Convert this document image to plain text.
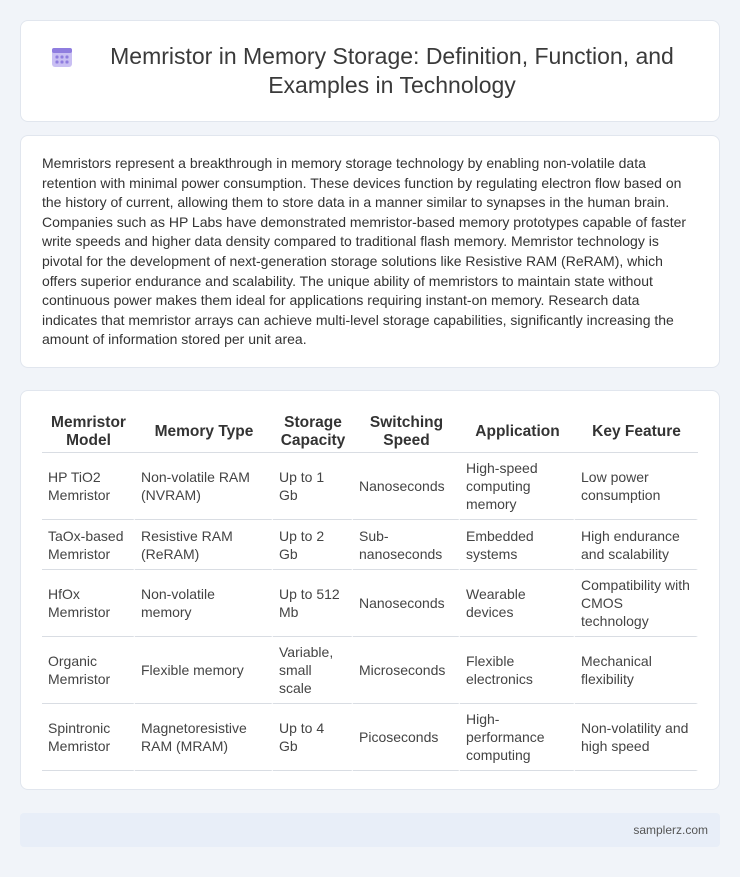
Memristor in Memory Storage: Definition, Function, and Examples in Technology

Memristors represent a breakthrough in memory storage technology by enabling non-volatile data retention with minimal power consumption. These devices function by regulating electron flow based on the history of current, allowing them to store data in a manner similar to synapses in the human brain. Companies such as HP Labs have demonstrated memristor-based memory prototypes capable of faster write speeds and higher data density compared to traditional flash memory. Memristor technology is pivotal for the development of next-generation storage solutions like Resistive RAM (ReRAM), which offers superior endurance and scalability. The unique ability of memristors to maintain state without continuous power makes them ideal for applications requiring instant-on memory. Research data indicates that memristor arrays can achieve multi-level storage capabilities, significantly increasing the amount of information stored per unit area.

Memristor Model	Memory Type	Storage Capacity	Switching Speed	Application	Key Feature
HP TiO2 Memristor	Non-volatile RAM (NVRAM)	Up to 1 Gb	Nanoseconds	High-speed computing memory	Low power consumption
TaOx-based Memristor	Resistive RAM (ReRAM)	Up to 2 Gb	Sub-nanoseconds	Embedded systems	High endurance and scalability
HfOx Memristor	Non-volatile memory	Up to 512 Mb	Nanoseconds	Wearable devices	Compatibility with CMOS technology
Organic Memristor	Flexible memory	Variable, small scale	Microseconds	Flexible electronics	Mechanical flexibility
Spintronic Memristor	Magnetoresistive RAM (MRAM)	Up to 4 Gb	Picoseconds	High-performance computing	Non-volatility and high speed
samplerz.com
